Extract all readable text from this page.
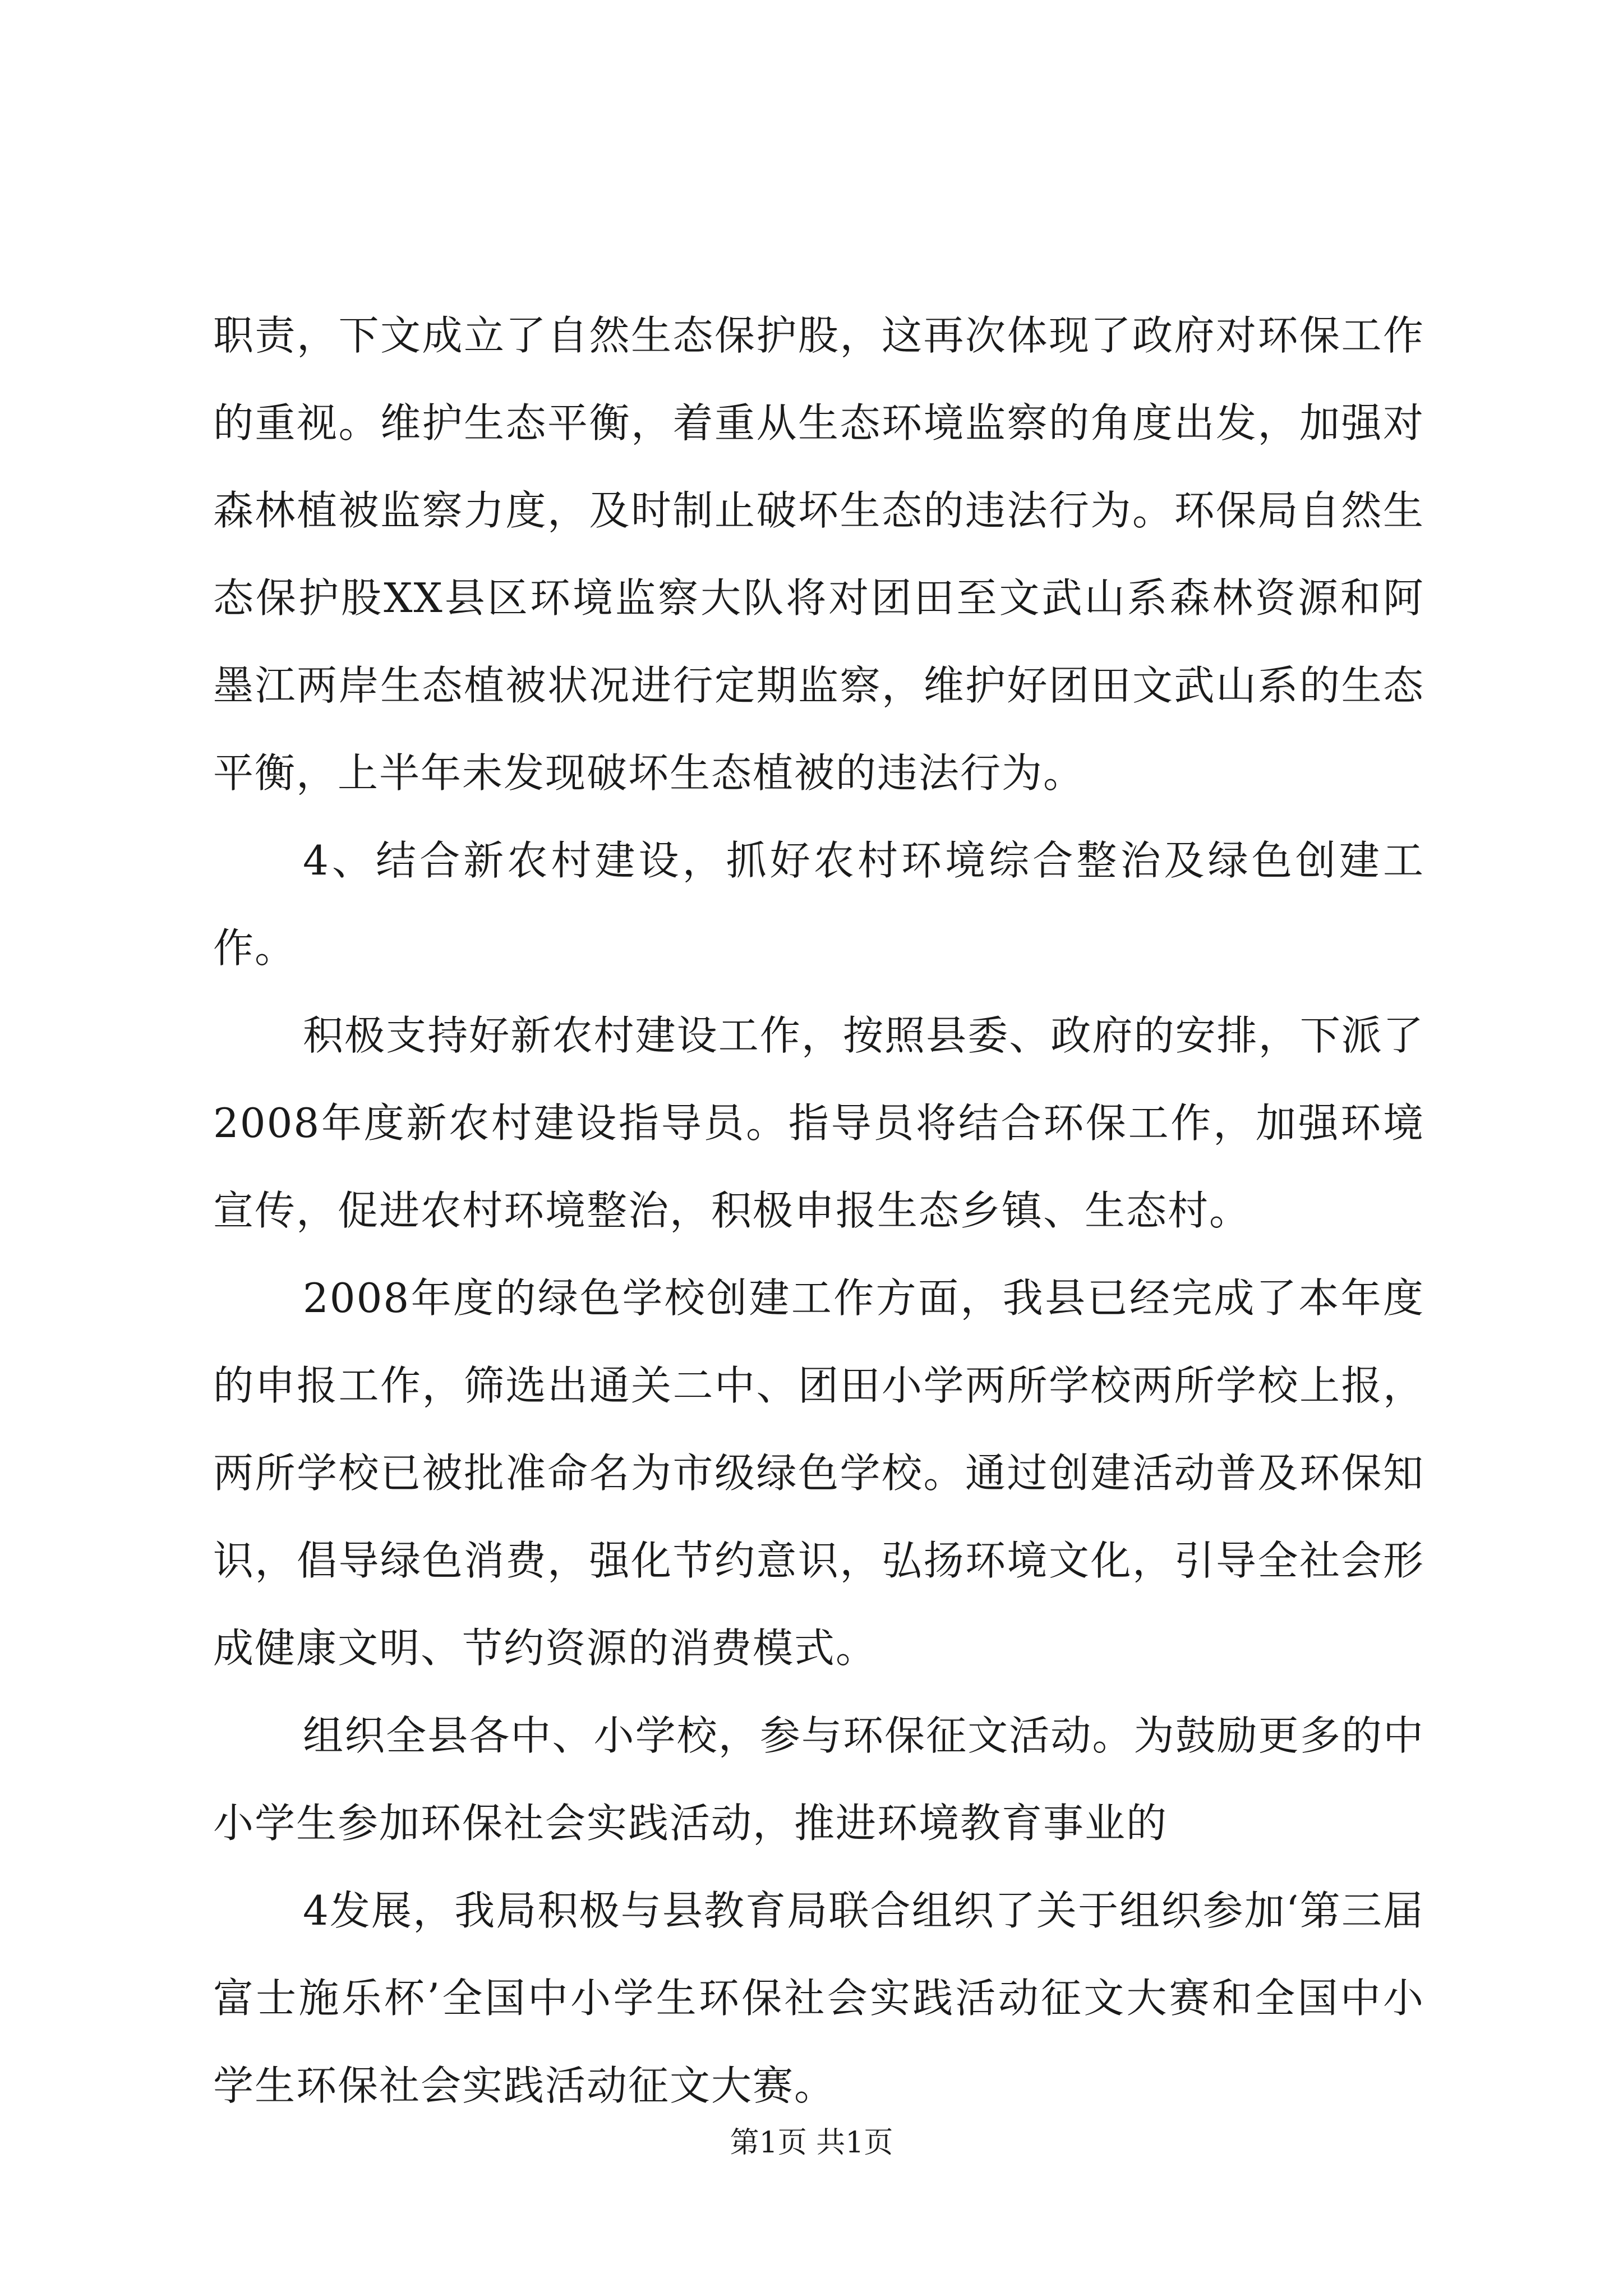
职责，下文成立了自然生态保护股，这再次体现了政府对环保工作的重视。维护生态平衡，着重从生态环境监察的角度出发，加强对森林植被监察力度，及时制止破坏生态的违法行为。环保局自然生态保护股XX县区环境监察大队将对团田至文武山系森林资源和阿墨江两岸生态植被状况进行定期监察，维护好团田文武山系的生态平衡，上半年未发现破坏生态植被的违法行为。

4、结合新农村建设，抓好农村环境综合整治及绿色创建工作。

积极支持好新农村建设工作，按照县委、政府的安排，下派了2008年度新农村建设指导员。指导员将结合环保工作，加强环境宣传，促进农村环境整治，积极申报生态乡镇、生态村。

2008年度的绿色学校创建工作方面，我县已经完成了本年度的申报工作，筛选出通关二中、团田小学两所学校两所学校上报，两所学校已被批准命名为市级绿色学校。通过创建活动普及环保知识，倡导绿色消费，强化节约意识，弘扬环境文化，引导全社会形成健康文明、节约资源的消费模式。

组织全县各中、小学校，参与环保征文活动。为鼓励更多的中小学生参加环保社会实践活动，推进环境教育事业的

4发展，我局积极与县教育局联合组织了关于组织参加‘第三届富士施乐杯’全国中小学生环保社会实践活动征文大赛和全国中小学生环保社会实践活动征文大赛。

第1页 共1页
